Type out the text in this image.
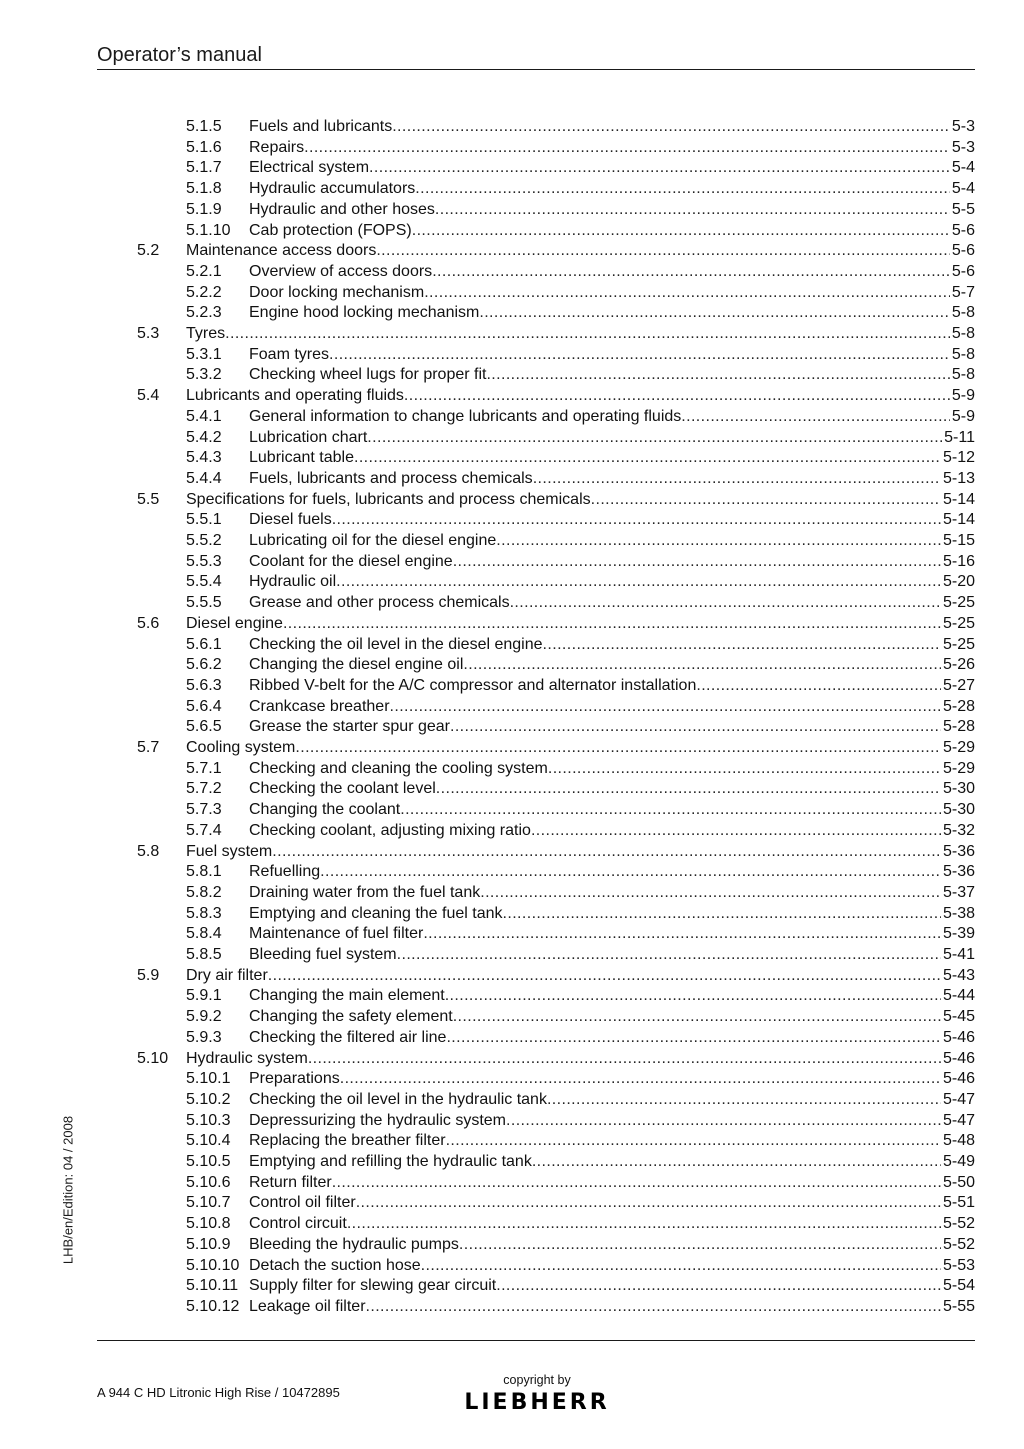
Operator’s manual
5.1.5 Fuels and lubricants .....	5-3
5.1.6 Repairs .....	5-3
5.1.7 Electrical system .....	5-4
5.1.8 Hydraulic accumulators .....	5-4
5.1.9 Hydraulic and other hoses .....	5-5
5.1.10 Cab protection (FOPS) .....	5-6
5.2 Maintenance access doors .....	5-6
5.2.1 Overview of access doors .....	5-6
5.2.2 Door locking mechanism .....	5-7
5.2.3 Engine hood locking mechanism .....	5-8
5.3 Tyres .....	5-8
5.3.1 Foam tyres .....	5-8
5.3.2 Checking wheel lugs for proper fit .....	5-8
5.4 Lubricants and operating fluids .....	5-9
5.4.1 General information to change lubricants and operating fluids .....	5-9
5.4.2 Lubrication chart .....	5-11
5.4.3 Lubricant table .....	5-12
5.4.4 Fuels, lubricants and process chemicals .....	5-13
5.5 Specifications for fuels, lubricants and process chemicals .....	5-14
5.5.1 Diesel fuels .....	5-14
5.5.2 Lubricating oil for the diesel engine .....	5-15
5.5.3 Coolant for the diesel engine .....	5-16
5.5.4 Hydraulic oil .....	5-20
5.5.5 Grease and other process chemicals .....	5-25
5.6 Diesel engine .....	5-25
5.6.1 Checking the oil level in the diesel engine .....	5-25
5.6.2 Changing the diesel engine oil .....	5-26
5.6.3 Ribbed V-belt for the A/C compressor and alternator installation .....	5-27
5.6.4 Crankcase breather .....	5-28
5.6.5 Grease the starter spur gear .....	5-28
5.7 Cooling system .....	5-29
5.7.1 Checking and cleaning the cooling system .....	5-29
5.7.2 Checking the coolant level .....	5-30
5.7.3 Changing the coolant .....	5-30
5.7.4 Checking coolant, adjusting mixing ratio .....	5-32
5.8 Fuel system .....	5-36
5.8.1 Refuelling .....	5-36
5.8.2 Draining water from the fuel tank .....	5-37
5.8.3 Emptying and cleaning the fuel tank .....	5-38
5.8.4 Maintenance of fuel filter .....	5-39
5.8.5 Bleeding fuel system .....	5-41
5.9 Dry air filter .....	5-43
5.9.1 Changing the main element .....	5-44
5.9.2 Changing the safety element .....	5-45
5.9.3 Checking the filtered air line .....	5-46
5.10 Hydraulic system .....	5-46
5.10.1 Preparations .....	5-46
5.10.2 Checking the oil level in the hydraulic tank .....	5-47
5.10.3 Depressurizing the hydraulic system .....	5-47
5.10.4 Replacing the breather filter .....	5-48
5.10.5 Emptying and refilling the hydraulic tank .....	5-49
5.10.6 Return filter .....	5-50
5.10.7 Control oil filter .....	5-51
5.10.8 Control circuit .....	5-52
5.10.9 Bleeding the hydraulic pumps .....	5-52
5.10.10 Detach the suction hose .....	5-53
5.10.11 Supply filter for slewing gear circuit .....	5-54
5.10.12 Leakage oil filter .....	5-55
LHB/en/Edition: 04 / 2008
A 944 C HD Litronic High Rise / 10472895
copyright by
LIEBHERR
